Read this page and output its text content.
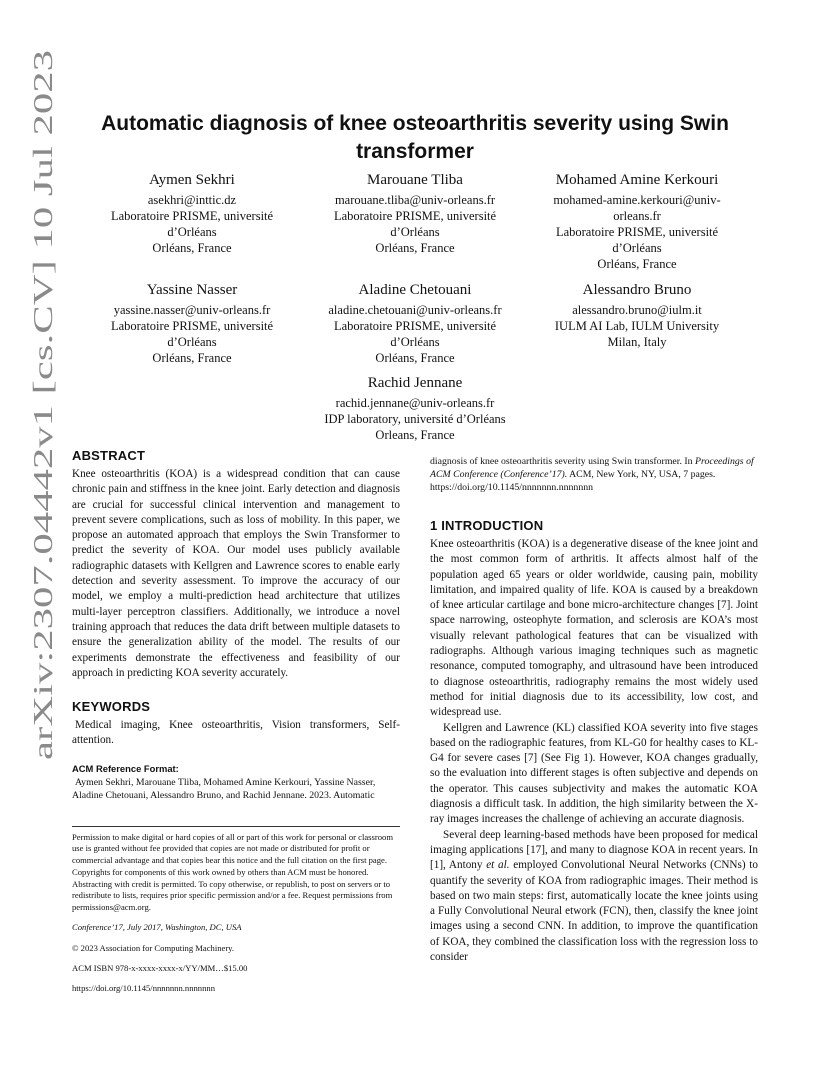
arXiv:2307.04442v1 [cs.CV] 10 Jul 2023
Automatic diagnosis of knee osteoarthritis severity using Swin
transformer
Aymen Sekhri
asekhri@inttic.dz
Laboratoire PRISME, université
d’Orléans
Orléans, France
Marouane Tliba
marouane.tliba@univ-orleans.fr
Laboratoire PRISME, université
d’Orléans
Orléans, France
Mohamed Amine Kerkouri
mohamed-amine.kerkouri@univ-
orleans.fr
Laboratoire PRISME, université
d’Orléans
Orléans, France
Yassine Nasser
yassine.nasser@univ-orleans.fr
Laboratoire PRISME, université
d’Orléans
Orléans, France
Aladine Chetouani
aladine.chetouani@univ-orleans.fr
Laboratoire PRISME, université
d’Orléans
Orléans, France
Alessandro Bruno
alessandro.bruno@iulm.it
IULM AI Lab, IULM University
Milan, Italy
Rachid Jennane
rachid.jennane@univ-orleans.fr
IDP laboratory, université d’Orléans
Orleans, France
ABSTRACT

Knee osteoarthritis (KOA) is a widespread condition that can cause chronic pain and stiffness in the knee joint. Early detection and diagnosis are crucial for successful clinical intervention and management to prevent severe complications, such as loss of mobility. In this paper, we propose an automated approach that employs the Swin Transformer to predict the severity of KOA. Our model uses publicly available radiographic datasets with Kellgren and Lawrence scores to enable early detection and severity assessment. To improve the accuracy of our model, we employ a multi-prediction head architecture that utilizes multi-layer perceptron classifiers. Additionally, we introduce a novel training approach that reduces the data drift between multiple datasets to ensure the generalization ability of the model. The results of our experiments demonstrate the effectiveness and feasibility of our approach in predicting KOA severity accurately.

KEYWORDS

Medical imaging, Knee osteoarthritis, Vision transformers, Self-attention.

ACM Reference Format:

Aymen Sekhri, Marouane Tliba, Mohamed Amine Kerkouri, Yassine Nasser, Aladine Chetouani, Alessandro Bruno, and Rachid Jennane. 2023. Automatic

Permission to make digital or hard copies of all or part of this work for personal or classroom use is granted without fee provided that copies are not made or distributed for profit or commercial advantage and that copies bear this notice and the full citation on the first page. Copyrights for components of this work owned by others than ACM must be honored. Abstracting with credit is permitted. To copy otherwise, or republish, to post on servers or to redistribute to lists, requires prior specific permission and/or a fee. Request permissions from permissions@acm.org.

Conference’17, July 2017, Washington, DC, USA

© 2023 Association for Computing Machinery.

ACM ISBN 978-x-xxxx-xxxx-x/YY/MM…$15.00

https://doi.org/10.1145/nnnnnnn.nnnnnnn

diagnosis of knee osteoarthritis severity using Swin transformer. In Proceedings of ACM Conference (Conference’17). ACM, New York, NY, USA, 7 pages. https://doi.org/10.1145/nnnnnnn.nnnnnnn

1 INTRODUCTION

Knee osteoarthritis (KOA) is a degenerative disease of the knee joint and the most common form of arthritis. It affects almost half of the population aged 65 years or older worldwide, causing pain, mobility limitation, and impaired quality of life. KOA is caused by a breakdown of knee articular cartilage and bone micro-architecture changes [7]. Joint space narrowing, osteophyte formation, and sclerosis are KOA’s most visually relevant pathological features that can be visualized with radiographs. Although various imaging techniques such as magnetic resonance, computed tomography, and ultrasound have been introduced to diagnose osteoarthritis, radiography remains the most widely used method for initial diagnosis due to its accessibility, low cost, and widespread use.

Kellgren and Lawrence (KL) classified KOA severity into five stages based on the radiographic features, from KL-G0 for healthy cases to KL-G4 for severe cases [7] (See Fig 1). However, KOA changes gradually, so the evaluation into different stages is often subjective and depends on the operator. This causes subjectivity and makes the automatic KOA diagnosis a difficult task. In addition, the high similarity between the X-ray images increases the challenge of achieving an accurate diagnosis.

Several deep learning-based methods have been proposed for medical imaging applications [17], and many to diagnose KOA in recent years. In [1], Antony et al. employed Convolutional Neural Networks (CNNs) to quantify the severity of KOA from radiographic images. Their method is based on two main steps: first, automatically locate the knee joints using a Fully Convolutional Neural etwork (FCN), then, classify the knee joint images using a second CNN. In addition, to improve the quantification of KOA, they combined the classification loss with the regression loss to consider
